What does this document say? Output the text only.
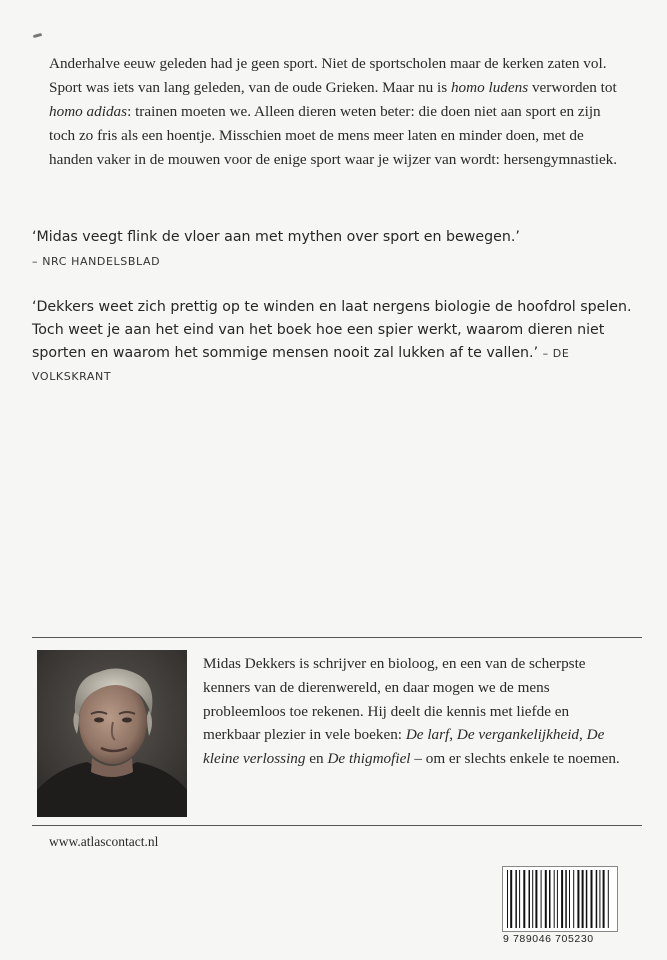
Anderhalve eeuw geleden had je geen sport. Niet de sportscholen maar de kerken zaten vol. Sport was iets van lang geleden, van de oude Grieken. Maar nu is homo ludens verworden tot homo adidas: trainen moeten we. Alleen dieren weten beter: die doen niet aan sport en zijn toch zo fris als een hoentje. Misschien moet de mens meer laten en minder doen, met de handen vaker in de mouwen voor de enige sport waar je wijzer van wordt: hersengymnastiek.

‘Midas veegt flink de vloer aan met mythen over sport en bewegen.’
– NRC HANDELSBLAD

‘Dekkers weet zich prettig op te winden en laat nergens biologie de hoofdrol spelen. Toch weet je aan het eind van het boek hoe een spier werkt, waarom dieren niet sporten en waarom het sommige mensen nooit zal lukken af te vallen.’ – DE VOLKSKRANT

Midas Dekkers is schrijver en bioloog, en een van de scherpste kenners van de dierenwereld, en daar mogen we de mens probleemloos toe rekenen. Hij deelt die kennis met liefde en merkbaar plezier in vele boeken: De larf, De vergankelijkheid, De kleine verlossing en De thigmofiel – om er slechts enkele te noemen.

www.atlascontact.nl
9 789046 705230
